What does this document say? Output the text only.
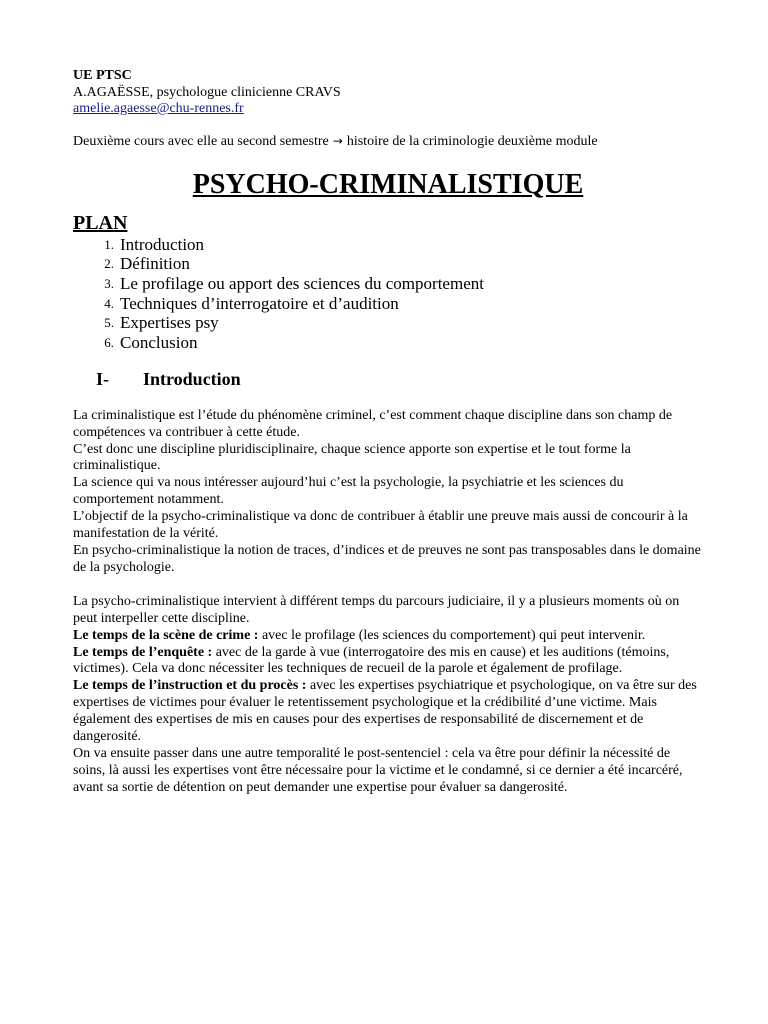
UE PTSC
A.AGAËSSE, psychologue clinicienne CRAVS
amelie.agaesse@chu-rennes.fr
Deuxième cours avec elle au second semestre → histoire de la criminologie deuxième module
PSYCHO-CRIMINALISTIQUE
PLAN
1. Introduction
2. Définition
3. Le profilage ou apport des sciences du comportement
4. Techniques d’interrogatoire et d’audition
5. Expertises psy
6. Conclusion
I-	Introduction

La criminalistique est l’étude du phénomène criminel, c’est comment chaque discipline dans son champ de compétences va contribuer à cette étude.

C’est donc une discipline pluridisciplinaire, chaque science apporte son expertise et le tout forme la criminalistique.

La science qui va nous intéresser aujourd’hui c’est la psychologie, la psychiatrie et les sciences du comportement notamment.

L’objectif de la psycho-criminalistique va donc de contribuer à établir une preuve mais aussi de concourir à la manifestation de la vérité.

En psycho-criminalistique la notion de traces, d’indices et de preuves ne sont pas transposables dans le domaine de la psychologie.

La psycho-criminalistique intervient à différent temps du parcours judiciaire, il y a plusieurs moments où on peut interpeller cette discipline.

Le temps de la scène de crime : avec le profilage (les sciences du comportement) qui peut intervenir.

Le temps de l’enquête : avec de la garde à vue (interrogatoire des mis en cause) et les auditions (témoins, victimes). Cela va donc nécessiter les techniques de recueil de la parole et également de profilage.

Le temps de l’instruction et du procès : avec les expertises psychiatrique et psychologique, on va être sur des expertises de victimes pour évaluer le retentissement psychologique et la crédibilité d’une victime. Mais également des expertises de mis en causes pour des expertises de responsabilité de discernement et de dangerosité.

On va ensuite passer dans une autre temporalité le post-sentenciel : cela va être pour définir la nécessité de soins, là aussi les expertises vont être nécessaire pour la victime et le condamné, si ce dernier a été incarcéré, avant sa sortie de détention on peut demander une expertise pour évaluer sa dangerosité.
